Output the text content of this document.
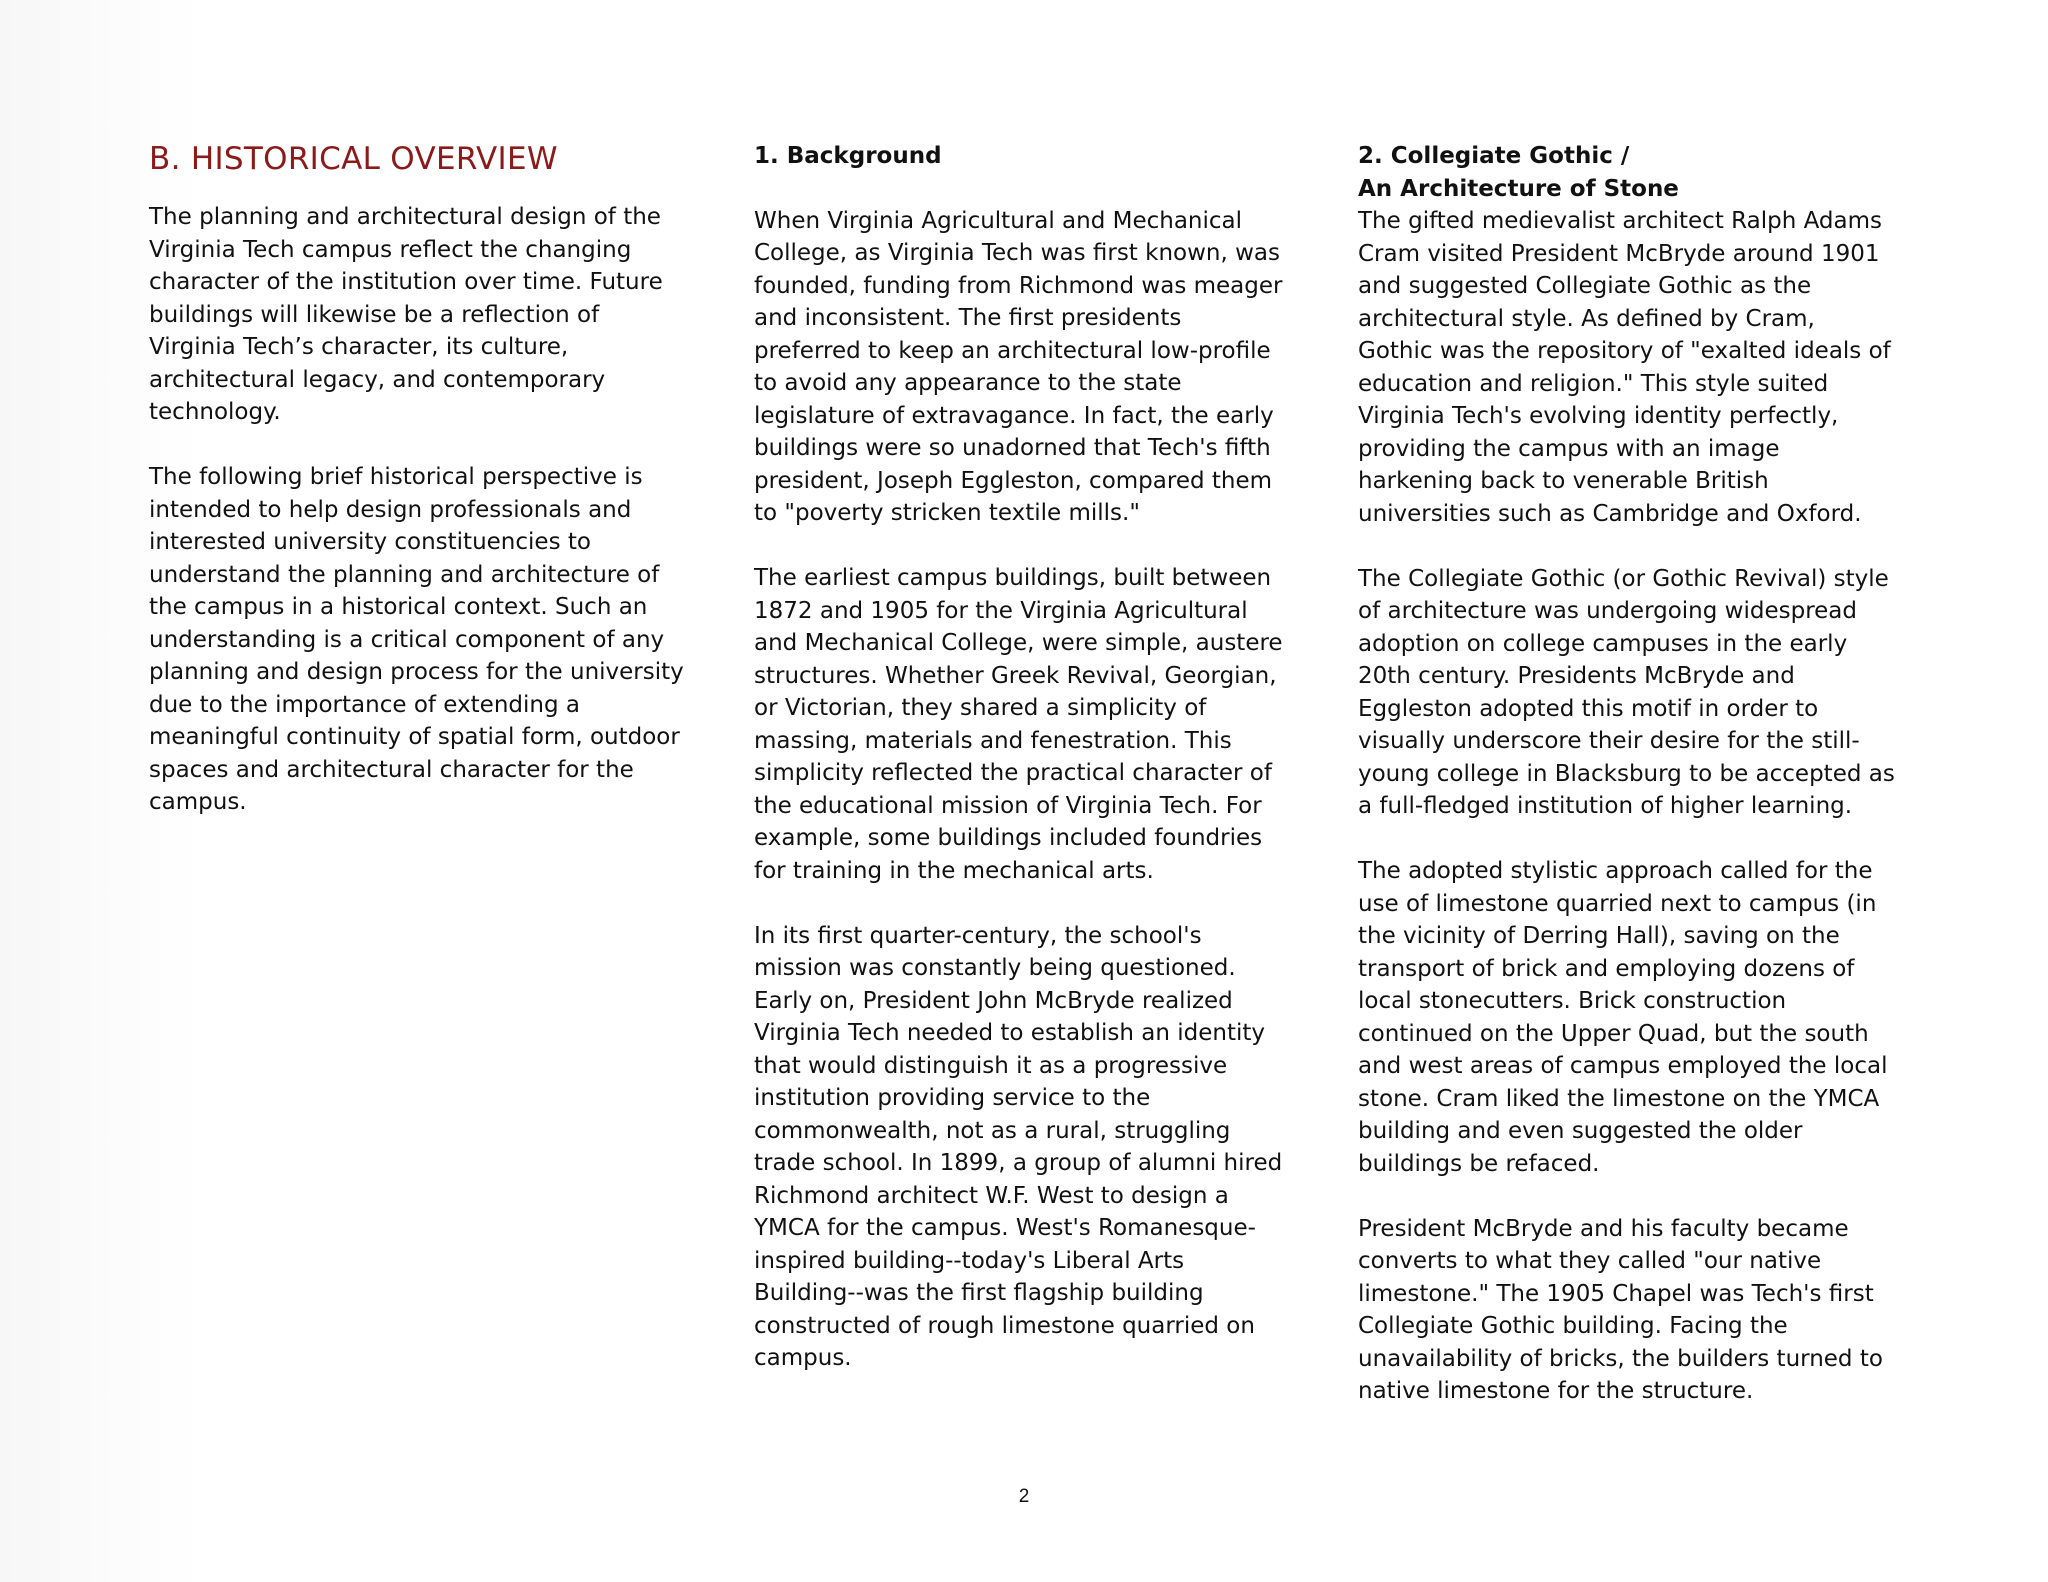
B. HISTORICAL OVERVIEW

The planning and architectural design of the
Virginia Tech campus reflect the changing
character of the institution over time. Future
buildings will likewise be a reflection of
Virginia Tech’s character, its culture,
architectural legacy, and contemporary
technology.

The following brief historical perspective is
intended to help design professionals and
interested university constituencies to
understand the planning and architecture of
the campus in a historical context. Such an
understanding is a critical component of any
planning and design process for the university
due to the importance of extending a
meaningful continuity of spatial form, outdoor
spaces and architectural character for the
campus.

1. Background

When Virginia Agricultural and Mechanical
College, as Virginia Tech was first known, was
founded, funding from Richmond was meager
and inconsistent. The first presidents
preferred to keep an architectural low-profile
to avoid any appearance to the state
legislature of extravagance. In fact, the early
buildings were so unadorned that Tech's fifth
president, Joseph Eggleston, compared them
to "poverty stricken textile mills."

The earliest campus buildings, built between
1872 and 1905 for the Virginia Agricultural
and Mechanical College, were simple, austere
structures. Whether Greek Revival, Georgian,
or Victorian, they shared a simplicity of
massing, materials and fenestration. This
simplicity reflected the practical character of
the educational mission of Virginia Tech. For
example, some buildings included foundries
for training in the mechanical arts.

In its first quarter-century, the school's
mission was constantly being questioned.
Early on, President John McBryde realized
Virginia Tech needed to establish an identity
that would distinguish it as a progressive
institution providing service to the
commonwealth, not as a rural, struggling
trade school. In 1899, a group of alumni hired
Richmond architect W.F. West to design a
YMCA for the campus. West's Romanesque-
inspired building--today's Liberal Arts
Building--was the first flagship building
constructed of rough limestone quarried on
campus.

2. Collegiate Gothic /
An Architecture of Stone

The gifted medievalist architect Ralph Adams
Cram visited President McBryde around 1901
and suggested Collegiate Gothic as the
architectural style. As defined by Cram,
Gothic was the repository of "exalted ideals of
education and religion." This style suited
Virginia Tech's evolving identity perfectly,
providing the campus with an image
harkening back to venerable British
universities such as Cambridge and Oxford.

The Collegiate Gothic (or Gothic Revival) style
of architecture was undergoing widespread
adoption on college campuses in the early
20th century. Presidents McBryde and
Eggleston adopted this motif in order to
visually underscore their desire for the still-
young college in Blacksburg to be accepted as
a full-fledged institution of higher learning.

The adopted stylistic approach called for the
use of limestone quarried next to campus (in
the vicinity of Derring Hall), saving on the
transport of brick and employing dozens of
local stonecutters. Brick construction
continued on the Upper Quad, but the south
and west areas of campus employed the local
stone. Cram liked the limestone on the YMCA
building and even suggested the older
buildings be refaced.

President McBryde and his faculty became
converts to what they called "our native
limestone." The 1905 Chapel was Tech's first
Collegiate Gothic building. Facing the
unavailability of bricks, the builders turned to
native limestone for the structure.

2
